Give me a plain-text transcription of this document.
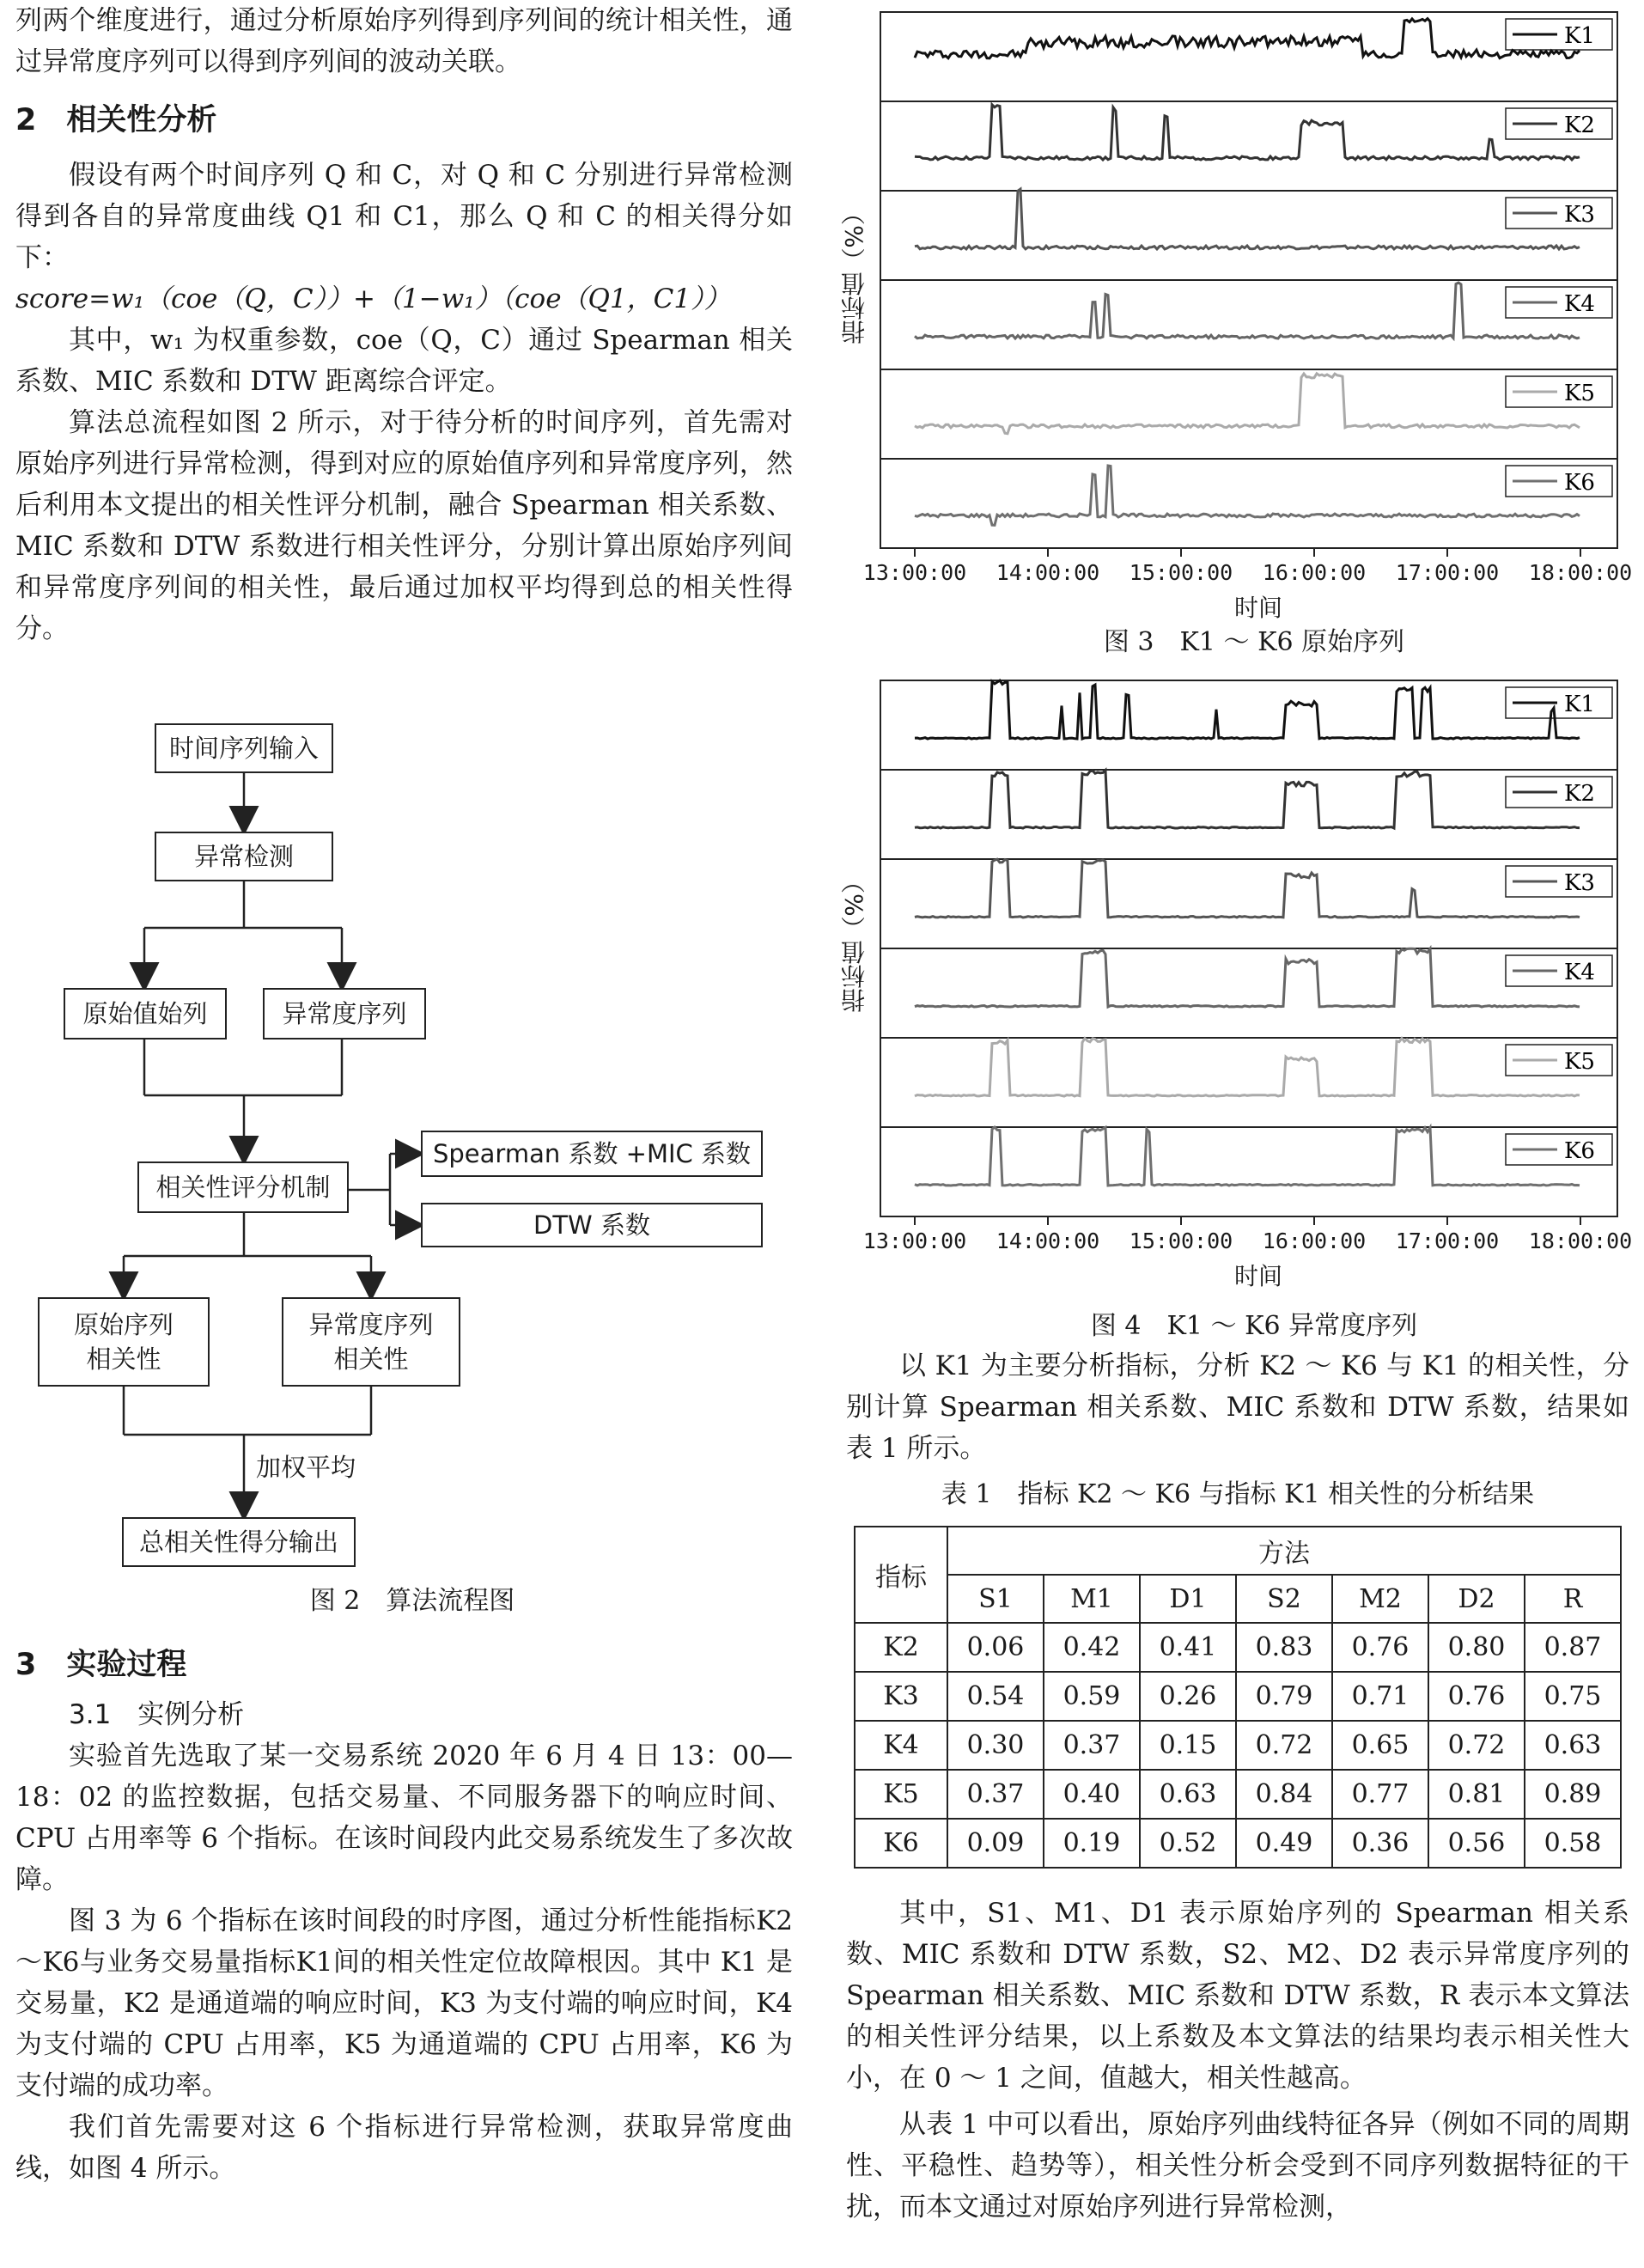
列两个维度进行，通过分析原始序列得到序列间的统计相关性，通过异常度序列可以得到序列间的波动关联。

2　相关性分析

假设有两个时间序列 Q 和 C，对 Q 和 C 分别进行异常检测得到各自的异常度曲线 Q1 和 C1，那么 Q 和 C 的相关得分如下：

score=w₁（coe（Q，C））+（1−w₁）（coe（Q1，C1））

其中，w₁ 为权重参数，coe（Q，C）通过 Spearman 相关系数、MIC 系数和 DTW 距离综合评定。

算法总流程如图 2 所示，对于待分析的时间序列，首先需对原始序列进行异常检测，得到对应的原始值序列和异常度序列，然后利用本文提出的相关性评分机制，融合 Spearman 相关系数、MIC 系数和 DTW 系数进行相关性评分，分别计算出原始序列间和异常度序列间的相关性，最后通过加权平均得到总的相关性得分。

时间序列输入
异常检测
原始值始列	异常度序列
相关性评分机制
Spearman 系数 +MIC 系数
DTW 系数
原始序列
相关性
异常度序列
相关性
加权平均
总相关性得分输出
图 2　算法流程图

3　实验过程

3.1　实例分析

实验首先选取了某一交易系统 2020 年 6 月 4 日 13：00—18：02 的监控数据，包括交易量、不同服务器下的响应时间、CPU 占用率等 6 个指标。在该时间段内此交易系统发生了多次故障。

图 3 为 6 个指标在该时间段的时序图，通过分析性能指标K2～K6与业务交易量指标K1间的相关性定位故障根因。其中 K1 是交易量，K2 是通道端的响应时间，K3 为支付端的响应时间，K4 为支付端的 CPU 占用率，K5 为通道端的 CPU 占用率，K6 为支付端的成功率。

我们首先需要对这 6 个指标进行异常检测，获取异常度曲线，如图 4 所示。

指标值（%）
K1
K2
K3
K4
K5
K6
13:00:00 14:00:00 15:00:00 16:00:00 17:00:00 18:00:00
时间
图 3　K1 ～ K6 原始序列
指标值（%）
K1
K2
K3
K4
K5
K6
13:00:00 14:00:00 15:00:00 16:00:00 17:00:00 18:00:00
时间
图 4　K1 ～ K6 异常度序列

以 K1 为主要分析指标，分析 K2 ～ K6 与 K1 的相关性，分别计算 Spearman 相关系数、MIC 系数和 DTW 系数，结果如表 1 所示。

表 1　指标 K2 ～ K6 与指标 K1 相关性的分析结果

指标	方法						
	S1	M1	D1	S2	M2	D2	R
K2	0.06	0.42	0.41	0.83	0.76	0.80	0.87
K3	0.54	0.59	0.26	0.79	0.71	0.76	0.75
K4	0.30	0.37	0.15	0.72	0.65	0.72	0.63
K5	0.37	0.40	0.63	0.84	0.77	0.81	0.89
K6	0.09	0.19	0.52	0.49	0.36	0.56	0.58

其中，S1、M1、D1 表示原始序列的 Spearman 相关系数、MIC 系数和 DTW 系数，S2、M2、D2 表示异常度序列的 Spearman 相关系数、MIC 系数和 DTW 系数，R 表示本文算法的相关性评分结果，以上系数及本文算法的结果均表示相关性大小，在 0 ～ 1 之间，值越大，相关性越高。

从表 1 中可以看出，原始序列曲线特征各异（例如不同的周期性、平稳性、趋势等），相关性分析会受到不同序列数据特征的干扰，而本文通过对原始序列进行异常检测，
